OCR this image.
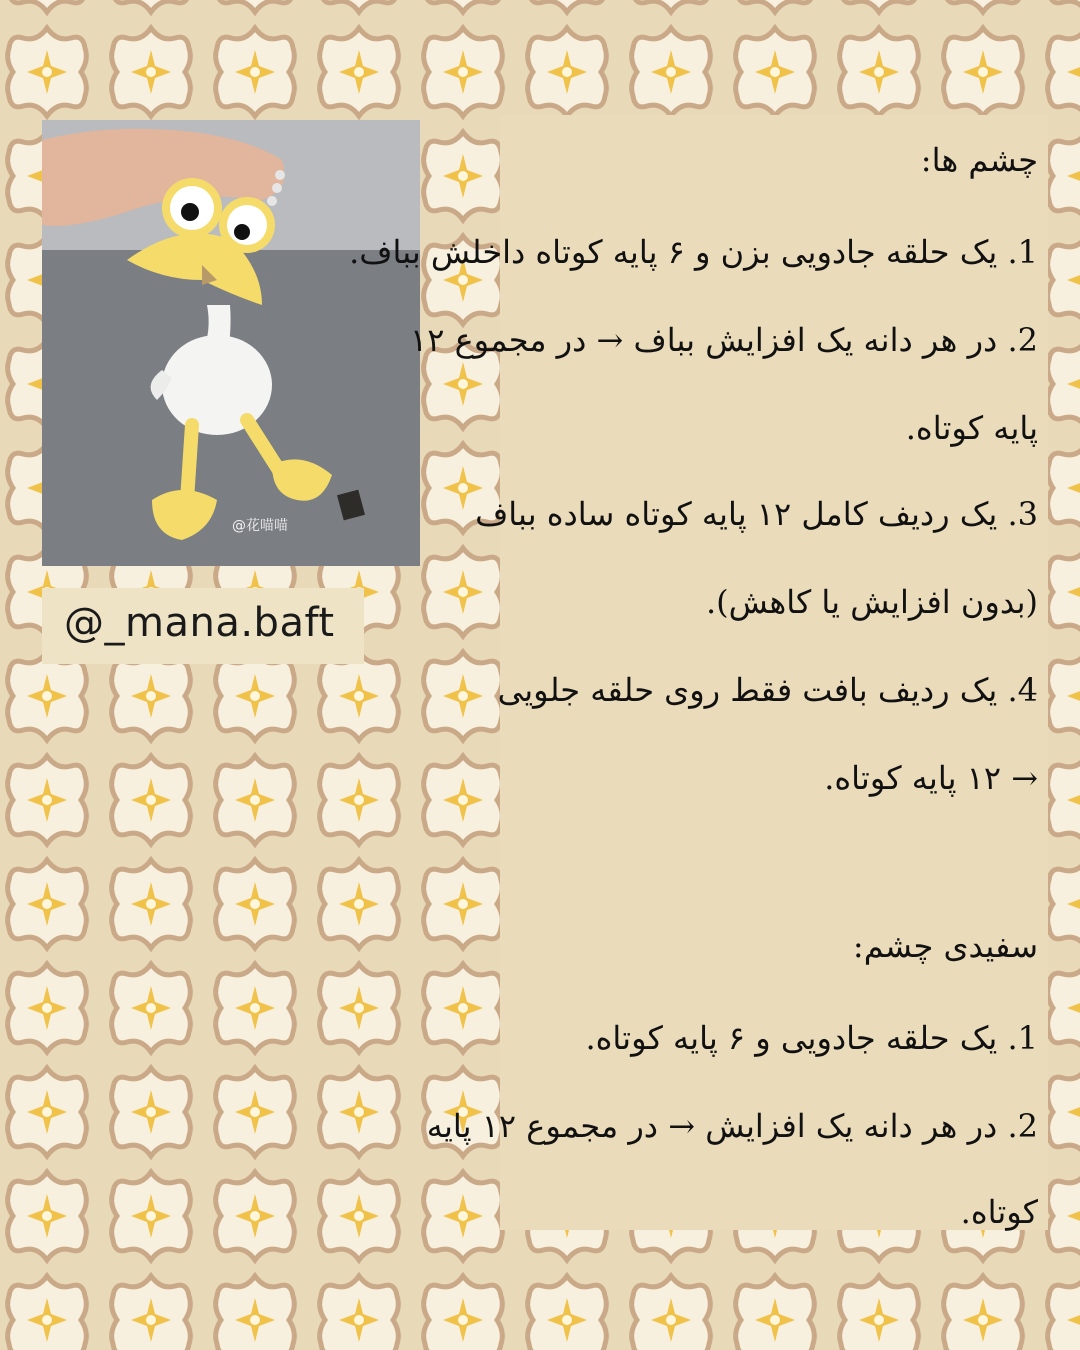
@花喵喵
@_mana.baft
چشم ها:
1. یک حلقه جادویی بزن و ۶ پایه کوتاه داخلش بباف.
2. در هر دانه یک افزایش بباف → در مجموع ۱۲
پایه کوتاه.
3. یک ردیف کامل ۱۲ پایه کوتاه ساده بباف
(بدون افزایش یا کاهش).
4. یک ردیف بافت فقط روی حلقه جلویی
→ ۱۲ پایه کوتاه.
سفیدی چشم:
1. یک حلقه جادویی و ۶ پایه کوتاه.
2. در هر دانه یک افزایش → در مجموع ۱۲ پایه
کوتاه.
